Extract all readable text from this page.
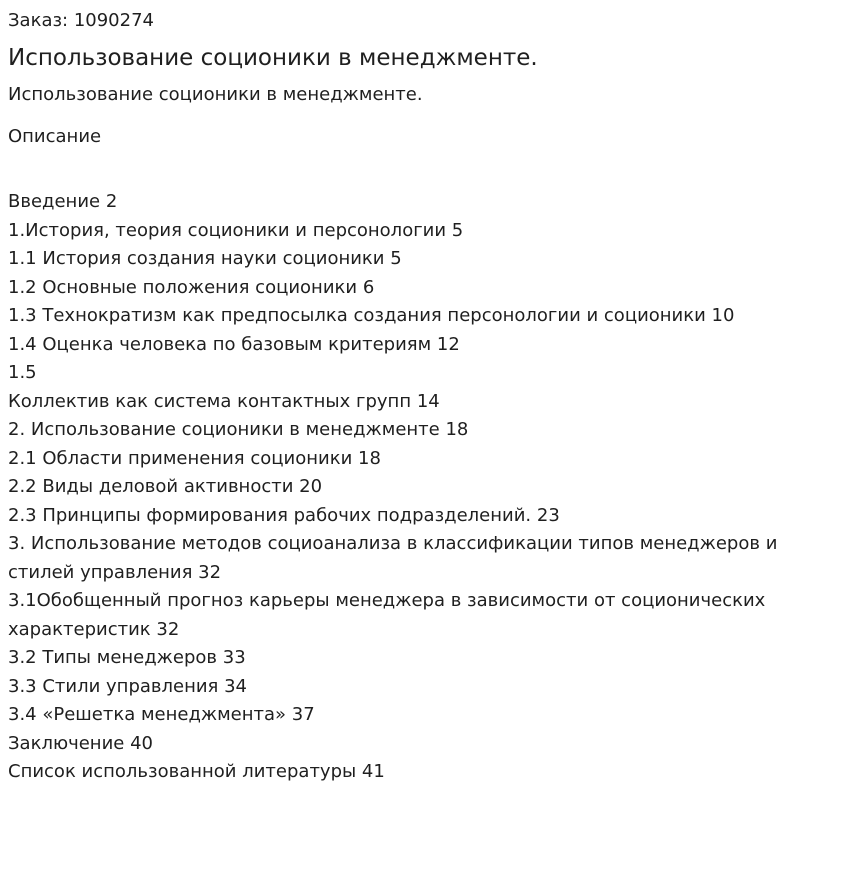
Заказ: 1090274

Использование соционики в менеджменте.

Использование соционики в менеджменте.

Описание
Введение 2
1.История, теория соционики и персонологии 5
1.1 История создания науки соционики 5
1.2 Основные положения соционики 6
1.3 Технократизм как предпосылка создания персонологии и соционики 10
1.4 Оценка человека по базовым критериям 12
1.5
Коллектив как система контактных групп 14
2. Использование соционики в менеджменте 18
2.1 Области применения соционики 18
2.2 Виды деловой активности 20
2.3 Принципы формирования рабочих подразделений. 23
3. Использование методов социоанализа в классификации типов менеджеров и стилей управления 32
3.1Обобщенный прогноз карьеры менеджера в зависимости от соционических характеристик 32
3.2 Типы менеджеров 33
3.3 Стили управления 34
3.4 «Решетка менеджмента» 37
Заключение 40
Список использованной литературы 41
